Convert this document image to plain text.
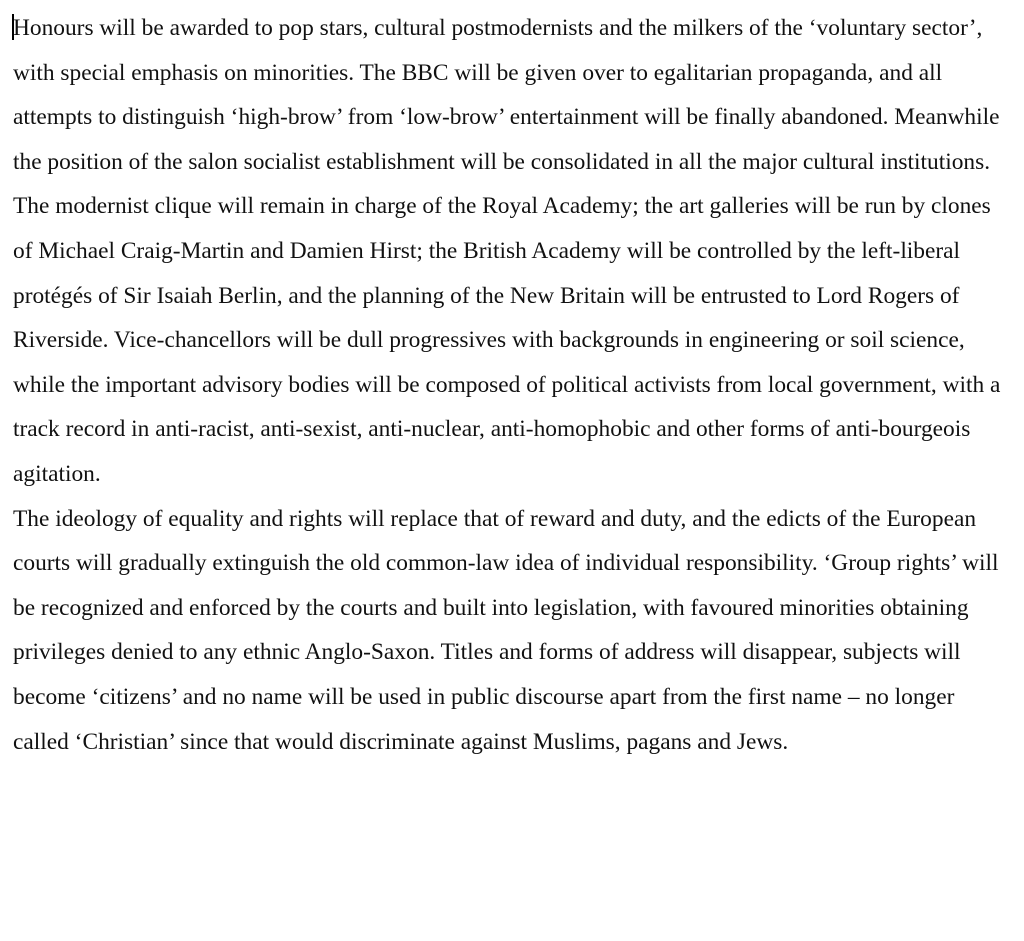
Honours will be awarded to pop stars, cultural postmodernists and the milkers of the ‘voluntary sector’, with special emphasis on minorities. The BBC will be given over to egalitarian propaganda, and all attempts to distinguish ‘high-brow’ from ‘low-brow’ entertainment will be finally abandoned. Meanwhile the position of the salon socialist establishment will be consolidated in all the major cultural institutions. The modernist clique will remain in charge of the Royal Academy; the art galleries will be run by clones of Michael Craig-Martin and Damien Hirst; the British Academy will be controlled by the left-liberal protégés of Sir Isaiah Berlin, and the planning of the New Britain will be entrusted to Lord Rogers of Riverside. Vice-chancellors will be dull progressives with backgrounds in engineering or soil science, while the important advisory bodies will be composed of political activists from local government, with a track record in anti-racist, anti-sexist, anti-nuclear, anti-homophobic and other forms of anti-bourgeois agitation.

The ideology of equality and rights will replace that of reward and duty, and the edicts of the European courts will gradually extinguish the old common-law idea of individual responsibility. ‘Group rights’ will be recognized and enforced by the courts and built into legislation, with favoured minorities obtaining privileges denied to any ethnic Anglo-Saxon. Titles and forms of address will disappear, subjects will become ‘citizens’ and no name will be used in public discourse apart from the first name – no longer called ‘Christian’ since that would discriminate against Muslims, pagans and Jews.
